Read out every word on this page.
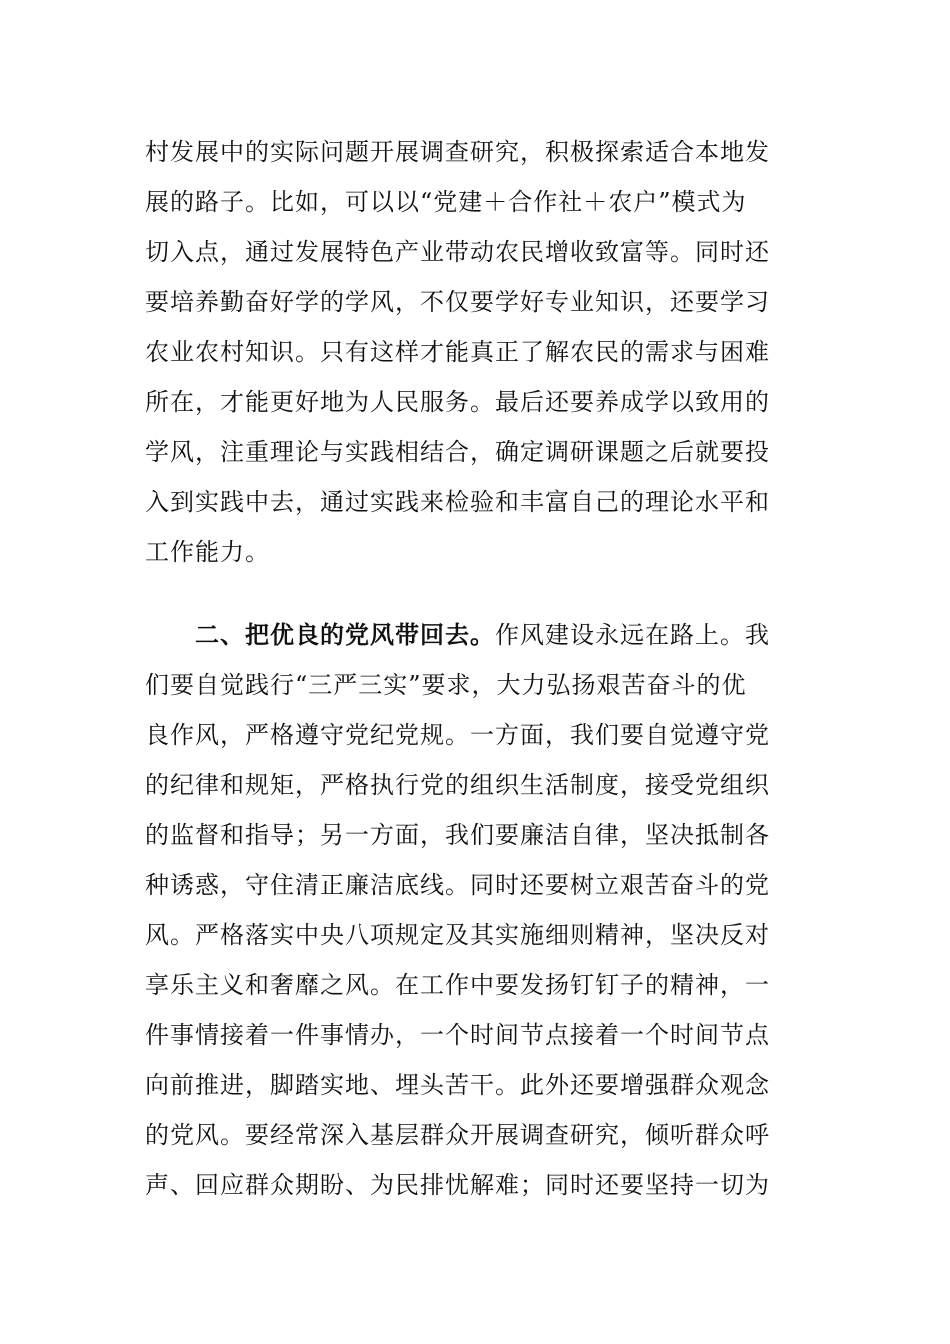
村发展中的实际问题开展调查研究，积极探索适合本地发
展的路子。比如，可以以“党建＋合作社＋农户”模式为
切入点，通过发展特色产业带动农民增收致富等。同时还
要培养勤奋好学的学风，不仅要学好专业知识，还要学习
农业农村知识。只有这样才能真正了解农民的需求与困难
所在，才能更好地为人民服务。最后还要养成学以致用的
学风，注重理论与实践相结合，确定调研课题之后就要投
入到实践中去，通过实践来检验和丰富自己的理论水平和
工作能力。
二、把优良的党风带回去。作风建设永远在路上。我
们要自觉践行“三严三实”要求，大力弘扬艰苦奋斗的优
良作风，严格遵守党纪党规。一方面，我们要自觉遵守党
的纪律和规矩，严格执行党的组织生活制度，接受党组织
的监督和指导；另一方面，我们要廉洁自律，坚决抵制各
种诱惑，守住清正廉洁底线。同时还要树立艰苦奋斗的党
风。严格落实中央八项规定及其实施细则精神，坚决反对
享乐主义和奢靡之风。在工作中要发扬钉钉子的精神，一
件事情接着一件事情办，一个时间节点接着一个时间节点
向前推进，脚踏实地、埋头苦干。此外还要增强群众观念
的党风。要经常深入基层群众开展调查研究，倾听群众呼
声、回应群众期盼、为民排忧解难；同时还要坚持一切为
